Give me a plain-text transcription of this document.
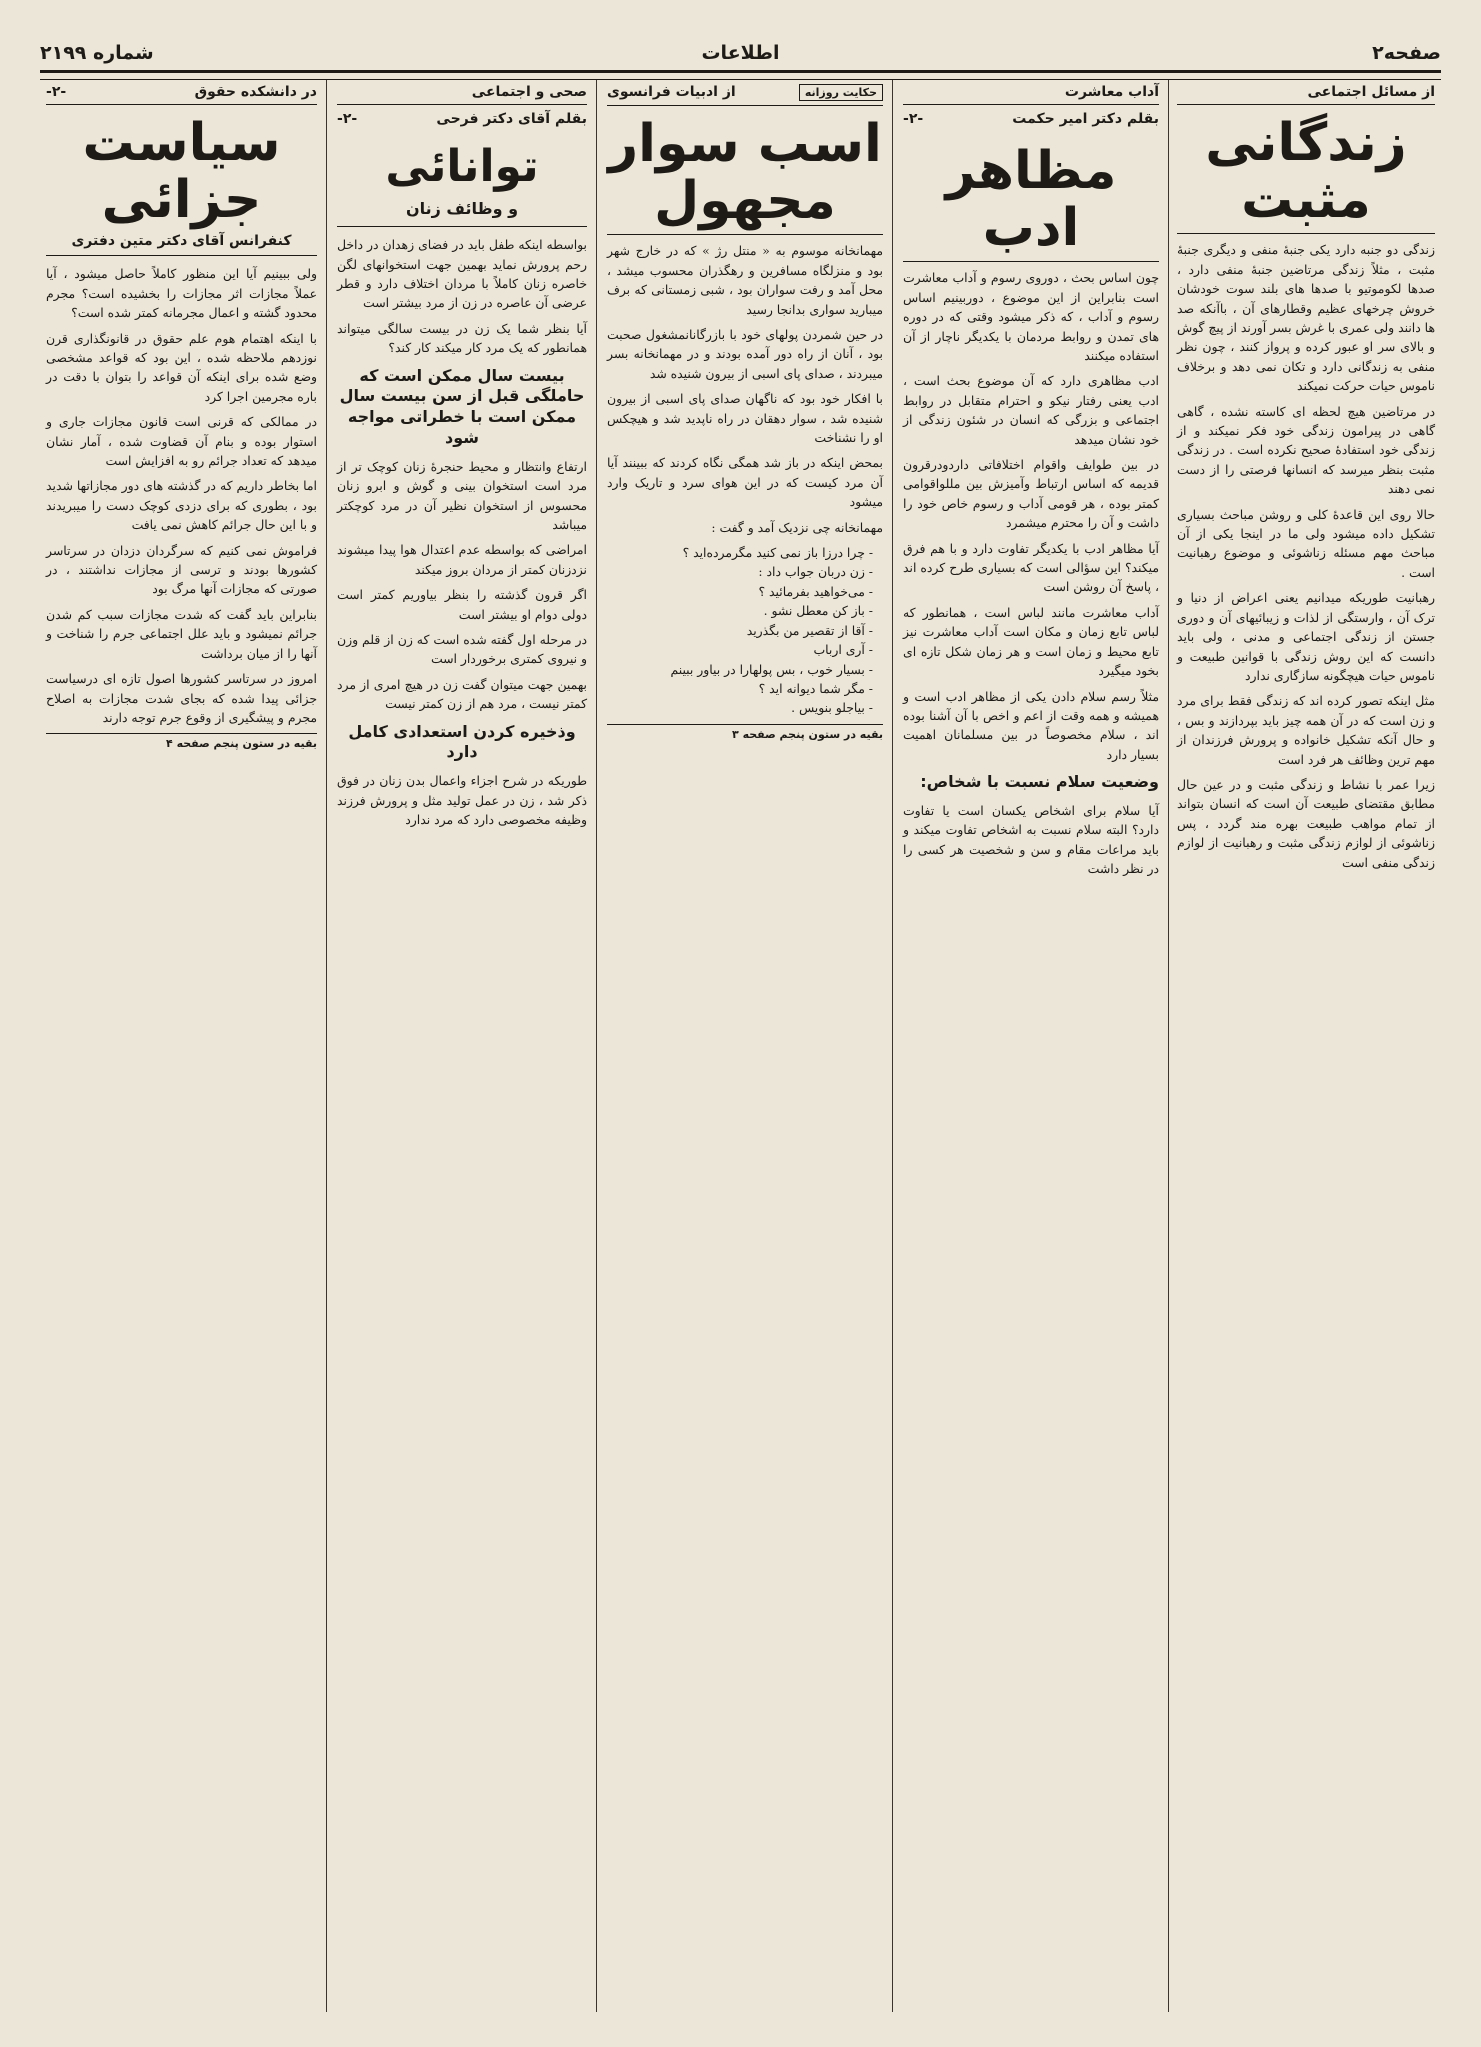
صفحه۲
اطلاعات
شماره ۲۱۹۹
از مسائل اجتماعی
زندگانی مثبت

زندگی دو جنبه دارد یکی جنبهٔ منفی و دیگری جنبهٔ مثبت ، مثلاً زندگی مرتاضین جنبهٔ منفی دارد ، صدها لکوموتیو با صدها های بلند سوت خودشان خروش چرخهای عظیم وقطارهای آن ، باآنکه صد ها دانند ولی عمری با غرش بسر آورند از پیچ گوش و بالای سر او عبور کرده و پرواز کنند ، چون نظر منفی به زندگانی دارد و تکان نمی دهد و برخلاف ناموس حیات حرکت نمیکند

در مرتاضین هیچ لحظه ای کاسته نشده ، گاهی گاهی در پیرامون زندگی خود فکر نمیکند و از زندگی خود استفادهٔ صحیح نکرده است . در زندگی مثبت بنظر میرسد که انسانها فرصتی را از دست نمی دهند

حالا روی این قاعدهٔ کلی و روشن مباحث بسیاری تشکیل داده میشود ولی ما در اینجا یکی از آن مباحث مهم مسئله زناشوئی و موضوع رهبانیت است .

رهبانیت طوریکه میدانیم یعنی اعراض از دنیا و ترک آن ، وارستگی از لذات و زیبائیهای آن و دوری جستن از زندگی اجتماعی و مدنی ، ولی باید دانست که این روش زندگی با قوانین طبیعت و ناموس حیات هیچگونه سازگاری ندارد

مثل اینکه تصور کرده اند که زندگی فقط برای مرد و زن است که در آن همه چیز باید بپردازند و بس ، و حال آنکه تشکیل خانواده و پرورش فرزندان از مهم ترین وظائف هر فرد است

زیرا عمر با نشاط و زندگی مثبت و در عین حال مطابق مقتضای طبیعت آن است که انسان بتواند از تمام مواهب طبیعت بهره مند گردد ، پس زناشوئی از لوازم زندگی مثبت و رهبانیت از لوازم زندگی منفی است

آداب معاشرت
بقلم دکتر امیر حکمت
-۲-
مظاهر ادب

چون اساس بحث ، دوروی رسوم و آداب معاشرت است بنابراین از این موضوع ، دوربینیم اساس رسوم و آداب ، که ذکر میشود وقتی که در دوره های تمدن و روابط مردمان با یکدیگر ناچار از آن استفاده میکنند

ادب مظاهری دارد که آن موضوع بحث است ، ادب یعنی رفتار نیکو و احترام متقابل در روابط اجتماعی و بزرگی که انسان در شئون زندگی از خود نشان میدهد

در بین طوایف واقوام اختلافاتی داردودرقرون قدیمه که اساس ارتباط وآمیزش بین مللواقوامی کمتر بوده ، هر قومی آداب و رسوم خاص خود را داشت و آن را محترم میشمرد

آیا مظاهر ادب با یکدیگر تفاوت دارد و با هم فرق میکند؟ این سؤالی است که بسیاری طرح کرده اند ، پاسخ آن روشن است

آداب معاشرت مانند لباس است ، همانطور که لباس تابع زمان و مکان است آداب معاشرت نیز تابع محیط و زمان است و هر زمان شکل تازه ای بخود میگیرد

مثلاً رسم سلام دادن یکی از مظاهر ادب است و همیشه و همه وقت از اعم و اخص با آن آشنا بوده اند ، سلام مخصوصاً در بین مسلمانان اهمیت بسیار دارد

وضعیت سلام نسبت با شخاص:

آیا سلام برای اشخاص یکسان است یا تفاوت دارد؟ البته سلام نسبت به اشخاص تفاوت میکند و باید مراعات مقام و سن و شخصیت هر کسی را در نظر داشت

حکایت روزانه
از ادبیات فرانسوی
اسب سوار مجهول

مهمانخانه موسوم به « منتل رژ » که در خارج شهر بود و منزلگاه مسافرین و رهگذران محسوب میشد ، محل آمد و رفت سواران بود ، شبی زمستانی که برف میبارید سواری بدانجا رسید

در حین شمردن پولهای خود با بازرگانانمشغول صحبت بود ، آنان از راه دور آمده بودند و در مهمانخانه بسر میبردند ، صدای پای اسبی از بیرون شنیده شد

با افکار خود بود که ناگهان صدای پای اسبی از بیرون شنیده شد ، سوار دهقان در راه ناپدید شد و هیچکس او را نشناخت

بمحض اینکه در باز شد همگی نگاه کردند که ببینند آیا آن مرد کیست که در این هوای سرد و تاریک وارد میشود

مهمانخانه چی نزدیک آمد و گفت :

- چرا درزا باز نمی کنید مگرمرده‌اید ؟

- زن دربان جواب داد :

- می‌خواهید بفرمائید ؟

- باز کن معطل نشو .

- آقا از تقصیر من بگذرید

- آری ارباب

- بسیار خوب ، بس پولهارا در بیاور ببینم

- مگر شما دیوانه اید ؟

- بیاجلو بنویس .

بقیه در ستون پنجم صفحه ۳
صحی و اجتماعی
بقلم آقای دکتر فرحی
-۲-
توانائی
و وظائف زنان

بواسطه اینکه طفل باید در فضای زهدان در داخل رحم پرورش نماید بهمین جهت استخوانهای لگن خاصره زنان کاملاً با مردان اختلاف دارد و قطر عرضی آن عاصره در زن از مرد بیشتر است

آیا بنظر شما یک زن در بیست سالگی میتواند همانطور که یک مرد کار میکند کار کند؟

بیست سال ممکن است که حاملگی قبل از سن بیست سال ممکن است با خطراتی مواجه شود

ارتفاع وانتظار و محیط حنجرهٔ زنان کوچک تر از مرد است استخوان بینی و گوش و ابرو زنان محسوس از استخوان نظیر آن در مرد کوچکتر میباشد

امراضی که بواسطه عدم اعتدال هوا پیدا میشوند نزدزنان کمتر از مردان بروز میکند

اگر قرون گذشته را بنظر بیاوریم کمتر است دولی دوام او بیشتر است

در مرحله اول گفته شده است که زن از قلم وزن و نیروی کمتری برخوردار است

بهمین جهت میتوان گفت زن در هیچ امری از مرد کمتر نیست ، مرد هم از زن کمتر نیست

وذخیره کردن استعدادی کامل دارد

طوریکه در شرح اجزاء واعمال بدن زنان در فوق ذکر شد ، زن در عمل تولید مثل و پرورش فرزند وظیفه مخصوصی دارد که مرد ندارد

در دانشکده حقوق
-۲-
سیاست جزائی
کنفرانس آقای دکتر متین دفتری

ولی ببینیم آیا این منظور کاملاً حاصل میشود ، آیا عملاً مجازات اثر مجازات را بخشیده است؟ مجرم محدود گشته و اعمال مجرمانه کمتر شده است؟

با اینکه اهتمام هوم علم حقوق در قانونگذاری قرن نوزدهم ملاحظه شده ، این بود که قواعد مشخصی وضع شده برای اینکه آن قواعد را بتوان با دقت در باره مجرمین اجرا کرد

در ممالکی که قرنی است قانون مجازات جاری و استوار بوده و بنام آن قضاوت شده ، آمار نشان میدهد که تعداد جرائم رو به افزایش است

اما بخاطر داریم که در گذشته های دور مجازاتها شدید بود ، بطوری که برای دزدی کوچک دست را میبریدند و با این حال جرائم کاهش نمی یافت

فراموش نمی کنیم که سرگردان دزدان در سرتاسر کشورها بودند و ترسی از مجازات نداشتند ، در صورتی که مجازات آنها مرگ بود

بنابراین باید گفت که شدت مجازات سبب کم شدن جرائم نمیشود و باید علل اجتماعی جرم را شناخت و آنها را از میان برداشت

امروز در سرتاسر کشورها اصول تازه ای درسیاست جزائی پیدا شده که بجای شدت مجازات به اصلاح مجرم و پیشگیری از وقوع جرم توجه دارند

بقیه در ستون پنجم صفحه ۴
